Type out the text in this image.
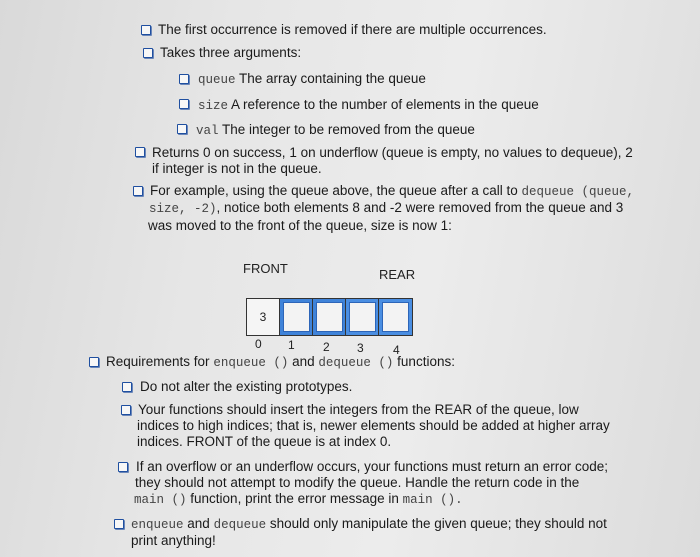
The first occurrence is removed if there are multiple occurrences.
Takes three arguments:
queue The array containing the queue
size A reference to the number of elements in the queue
val The integer to be removed from the queue
Returns 0 on success, 1 on underflow (queue is empty, no values to dequeue), 2
if integer is not in the queue.
For example, using the queue above, the queue after a call to dequeue (queue,
size, -2), notice both elements 8 and -2 were removed from the queue and 3
was moved to the front of the queue, size is now 1:
FRONT	REAR
3
0 1 2 3 4
Requirements for enqueue () and dequeue () functions:
Do not alter the existing prototypes.
Your functions should insert the integers from the REAR of the queue, low
indices to high indices; that is, newer elements should be added at higher array
indices. FRONT of the queue is at index 0.
If an overflow or an underflow occurs, your functions must return an error code;
they should not attempt to modify the queue. Handle the return code in the
main () function, print the error message in main ().
enqueue and dequeue should only manipulate the given queue; they should not
print anything!
